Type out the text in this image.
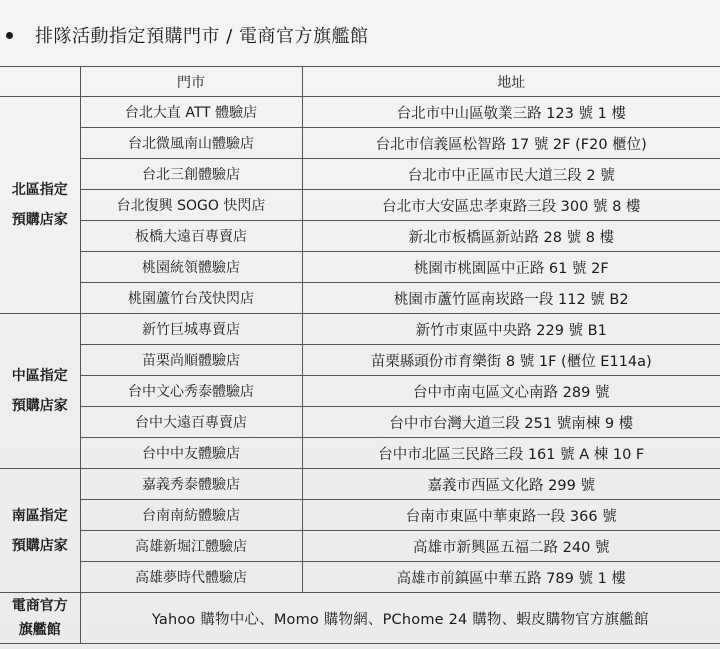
排隊活動指定預購門市 / 電商官方旗艦館
	門市	地址

北區指定
預購店家	台北大直 ATT 體驗店	台北市中山區敬業三路 123 號 1 樓
	台北微風南山體驗店	台北市信義區松智路 17 號 2F (F20 櫃位)
	台北三創體驗店	台北市中正區市民大道三段 2 號
	台北復興 SOGO 快閃店	台北市大安區忠孝東路三段 300 號 8 樓
	板橋大遠百專賣店	新北市板橋區新站路 28 號 8 樓
	桃園統領體驗店	桃園市桃園區中正路 61 號 2F
	桃園蘆竹台茂快閃店	桃園市蘆竹區南崁路一段 112 號 B2

中區指定
預購店家	新竹巨城專賣店	新竹市東區中央路 229 號 B1
	苗栗尚順體驗店	苗栗縣頭份市育樂街 8 號 1F (櫃位 E114a)
	台中文心秀泰體驗店	台中市南屯區文心南路 289 號
	台中大遠百專賣店	台中市台灣大道三段 251 號南棟 9 樓
	台中中友體驗店	台中市北區三民路三段 161 號 A 棟 10 F

南區指定
預購店家	嘉義秀泰體驗店	嘉義市西區文化路 299 號
	台南南紡體驗店	台南市東區中華東路一段 366 號
	高雄新堀江體驗店	高雄市新興區五福二路 240 號
	高雄夢時代體驗店	高雄市前鎮區中華五路 789 號 1 樓

電商官方
旗艦館	Yahoo 購物中心、Momo 購物網、PChome 24 購物、蝦皮購物官方旗艦館	
